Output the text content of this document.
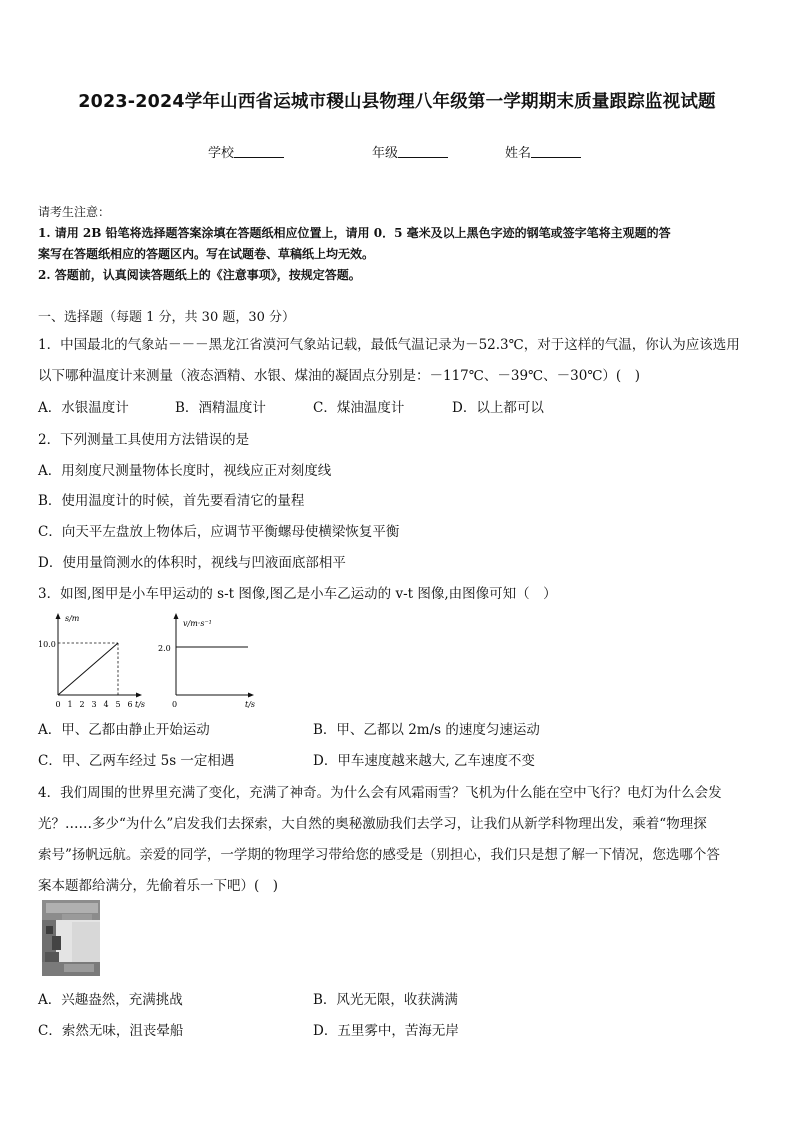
2023-2024学年山西省运城市稷山县物理八年级第一学期期末质量跟踪监视试题
学校	年级	姓名
请考生注意：
1. 请用 2B 铅笔将选择题答案涂填在答题纸相应位置上，请用 0．5 毫米及以上黑色字迹的钢笔或签字笔将主观题的答
案写在答题纸相应的答题区内。写在试题卷、草稿纸上均无效。
2. 答题前，认真阅读答题纸上的《注意事项》，按规定答题。
一、选择题（每题 1 分，共 30 题，30 分）
1．中国最北的气象站－－－黑龙江省漠河气象站记载，最低气温记录为－52.3℃，对于这样的气温，你认为应该选用
以下哪种温度计来测量（液态酒精、水银、煤油的凝固点分别是：－117℃、－39℃、－30℃）(　)
A．水银温度计	B．酒精温度计	C．煤油温度计	D．以上都可以
2．下列测量工具使用方法错误的是
A．用刻度尺测量物体长度时，视线应正对刻度线
B．使用温度计的时候，首先要看清它的量程
C．向天平左盘放上物体后，应调节平衡螺母使横梁恢复平衡
D．使用量筒测水的体积时，视线与凹液面底部相平
3．如图,图甲是小车甲运动的 s-t 图像,图乙是小车乙运动的 v-t 图像,由图像可知（　）
s/m
t/s
10.0
0 1 2 3 4 5 6
v/m·s⁻¹
t/s
2.0
0
A．甲、乙都由静止开始运动	B．甲、乙都以 2m/s 的速度匀速运动
C．甲、乙两车经过 5s 一定相遇	D．甲车速度越来越大, 乙车速度不变
4．我们周围的世界里充满了变化，充满了神奇。为什么会有风霜雨雪？飞机为什么能在空中飞行？电灯为什么会发
光？……多少“为什么”启发我们去探索，大自然的奥秘激励我们去学习，让我们从新学科物理出发，乘着“物理探
索号”扬帆远航。亲爱的同学，一学期的物理学习带给您的感受是（别担心，我们只是想了解一下情况，您选哪个答
案本题都给满分，先偷着乐一下吧）(　)
A．兴趣盎然，充满挑战	B．风光无限，收获满满
C．索然无味，沮丧晕船	D．五里雾中，苦海无岸
